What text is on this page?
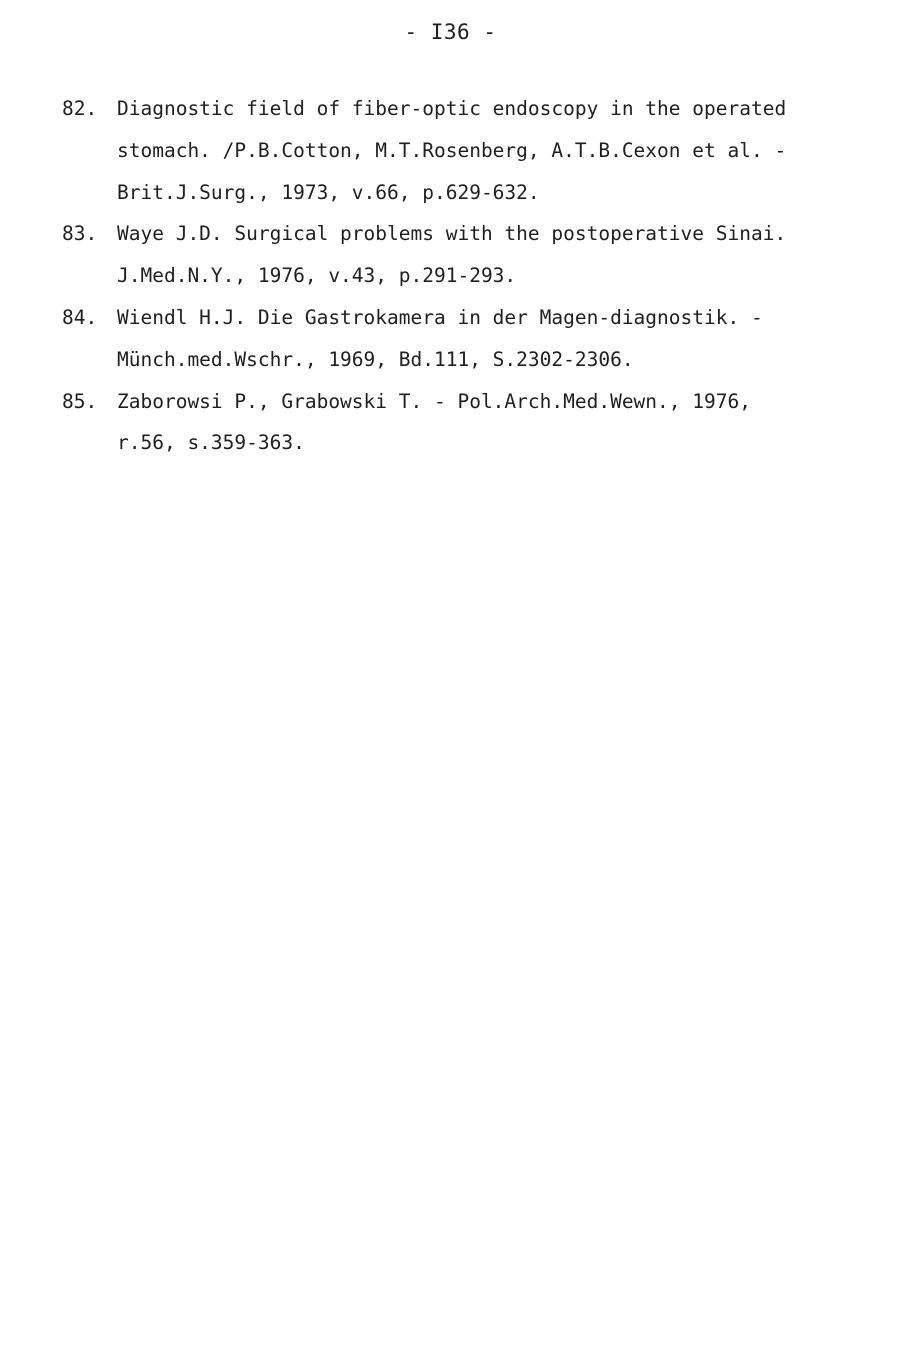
- I36 -
82. Diagnostic field of fiber-optic endoscopy in the operated
stomach. /P.B.Cotton, M.T.Rosenberg, A.T.B.Cexon et al. -
Brit.J.Surg., 1973, v.66, p.629-632.
83. Waye J.D. Surgical problems with the postoperative Sinai.
J.Med.N.Y., 1976, v.43, p.291-293.
84. Wiendl H.J. Die Gastrokamera in der Magen-diagnostik. -
Münch.med.Wschr., 1969, Bd.111, S.2302-2306.
85. Zaborowsi P., Grabowski T. - Pol.Arch.Med.Wewn., 1976,
r.56, s.359-363.
